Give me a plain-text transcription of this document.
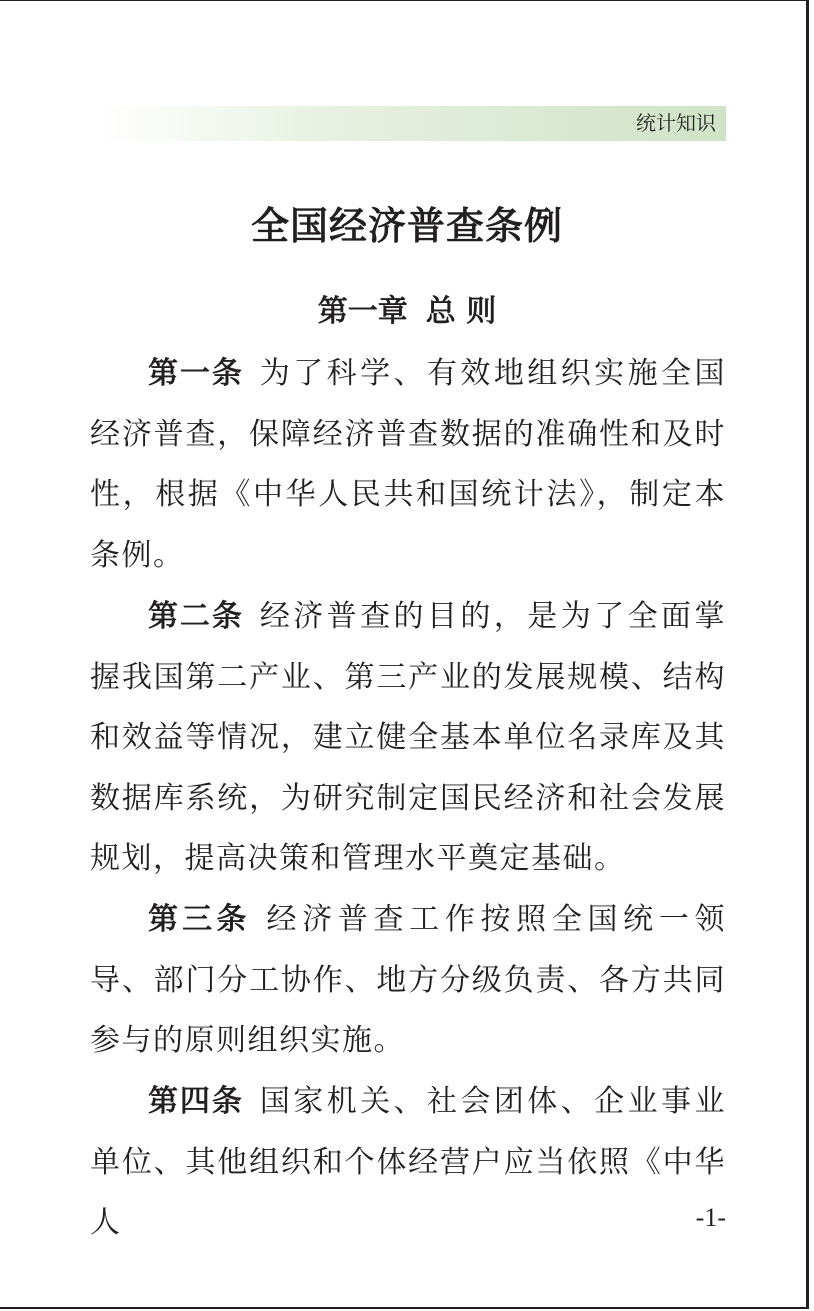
统计知识
全国经济普查条例
第一章 总 则

第一条 为了科学、有效地组织实施全国经济普查，保障经济普查数据的准确性和及时性，根据《中华人民共和国统计法》，制定本条例。

第二条 经济普查的目的，是为了全面掌握我国第二产业、第三产业的发展规模、结构和效益等情况，建立健全基本单位名录库及其数据库系统，为研究制定国民经济和社会发展规划，提高决策和管理水平奠定基础。

第三条 经济普查工作按照全国统一领导、部门分工协作、地方分级负责、各方共同参与的原则组织实施。

第四条 国家机关、社会团体、企业事业单位、其他组织和个体经营户应当依照《中华人	-1-
